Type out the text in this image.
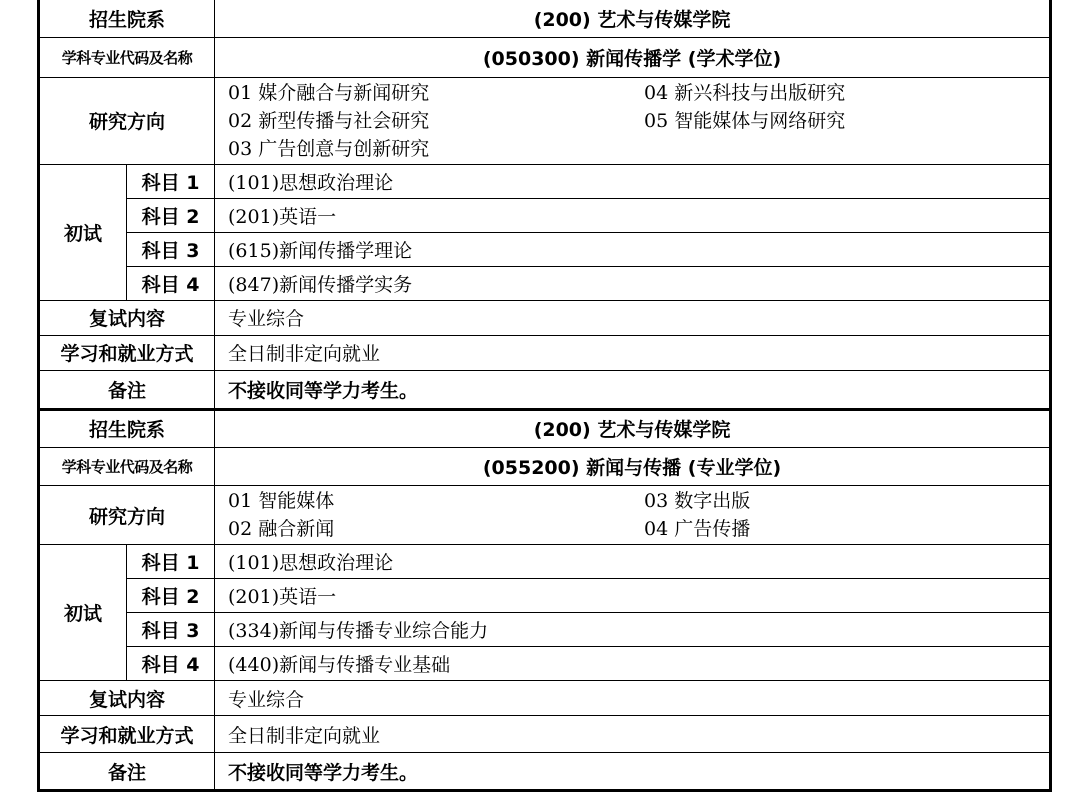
招生院系		(200) 艺术与传媒学院
学科专业代码及名称		(050300) 新闻传播学 (学术学位)
研究方向		01 媒介融合与新闻研究
02 新型传播与社会研究
03 广告创意与创新研究
04 新兴科技与出版研究
05 智能媒体与网络研究

初试	科目 1	(101)思想政治理论
	科目 2	(201)英语一
	科目 3	(615)新闻传播学理论
	科目 4	(847)新闻传播学实务
复试内容		专业综合
学习和就业方式		全日制非定向就业
备注		不接收同等学力考生。
招生院系		(200) 艺术与传媒学院
学科专业代码及名称		(055200) 新闻与传播 (专业学位)
研究方向		01 智能媒体
02 融合新闻
03 数字出版
04 广告传播

初试	科目 1	(101)思想政治理论
	科目 2	(201)英语一
	科目 3	(334)新闻与传播专业综合能力
	科目 4	(440)新闻与传播专业基础
复试内容		专业综合
学习和就业方式		全日制非定向就业
备注		不接收同等学力考生。
